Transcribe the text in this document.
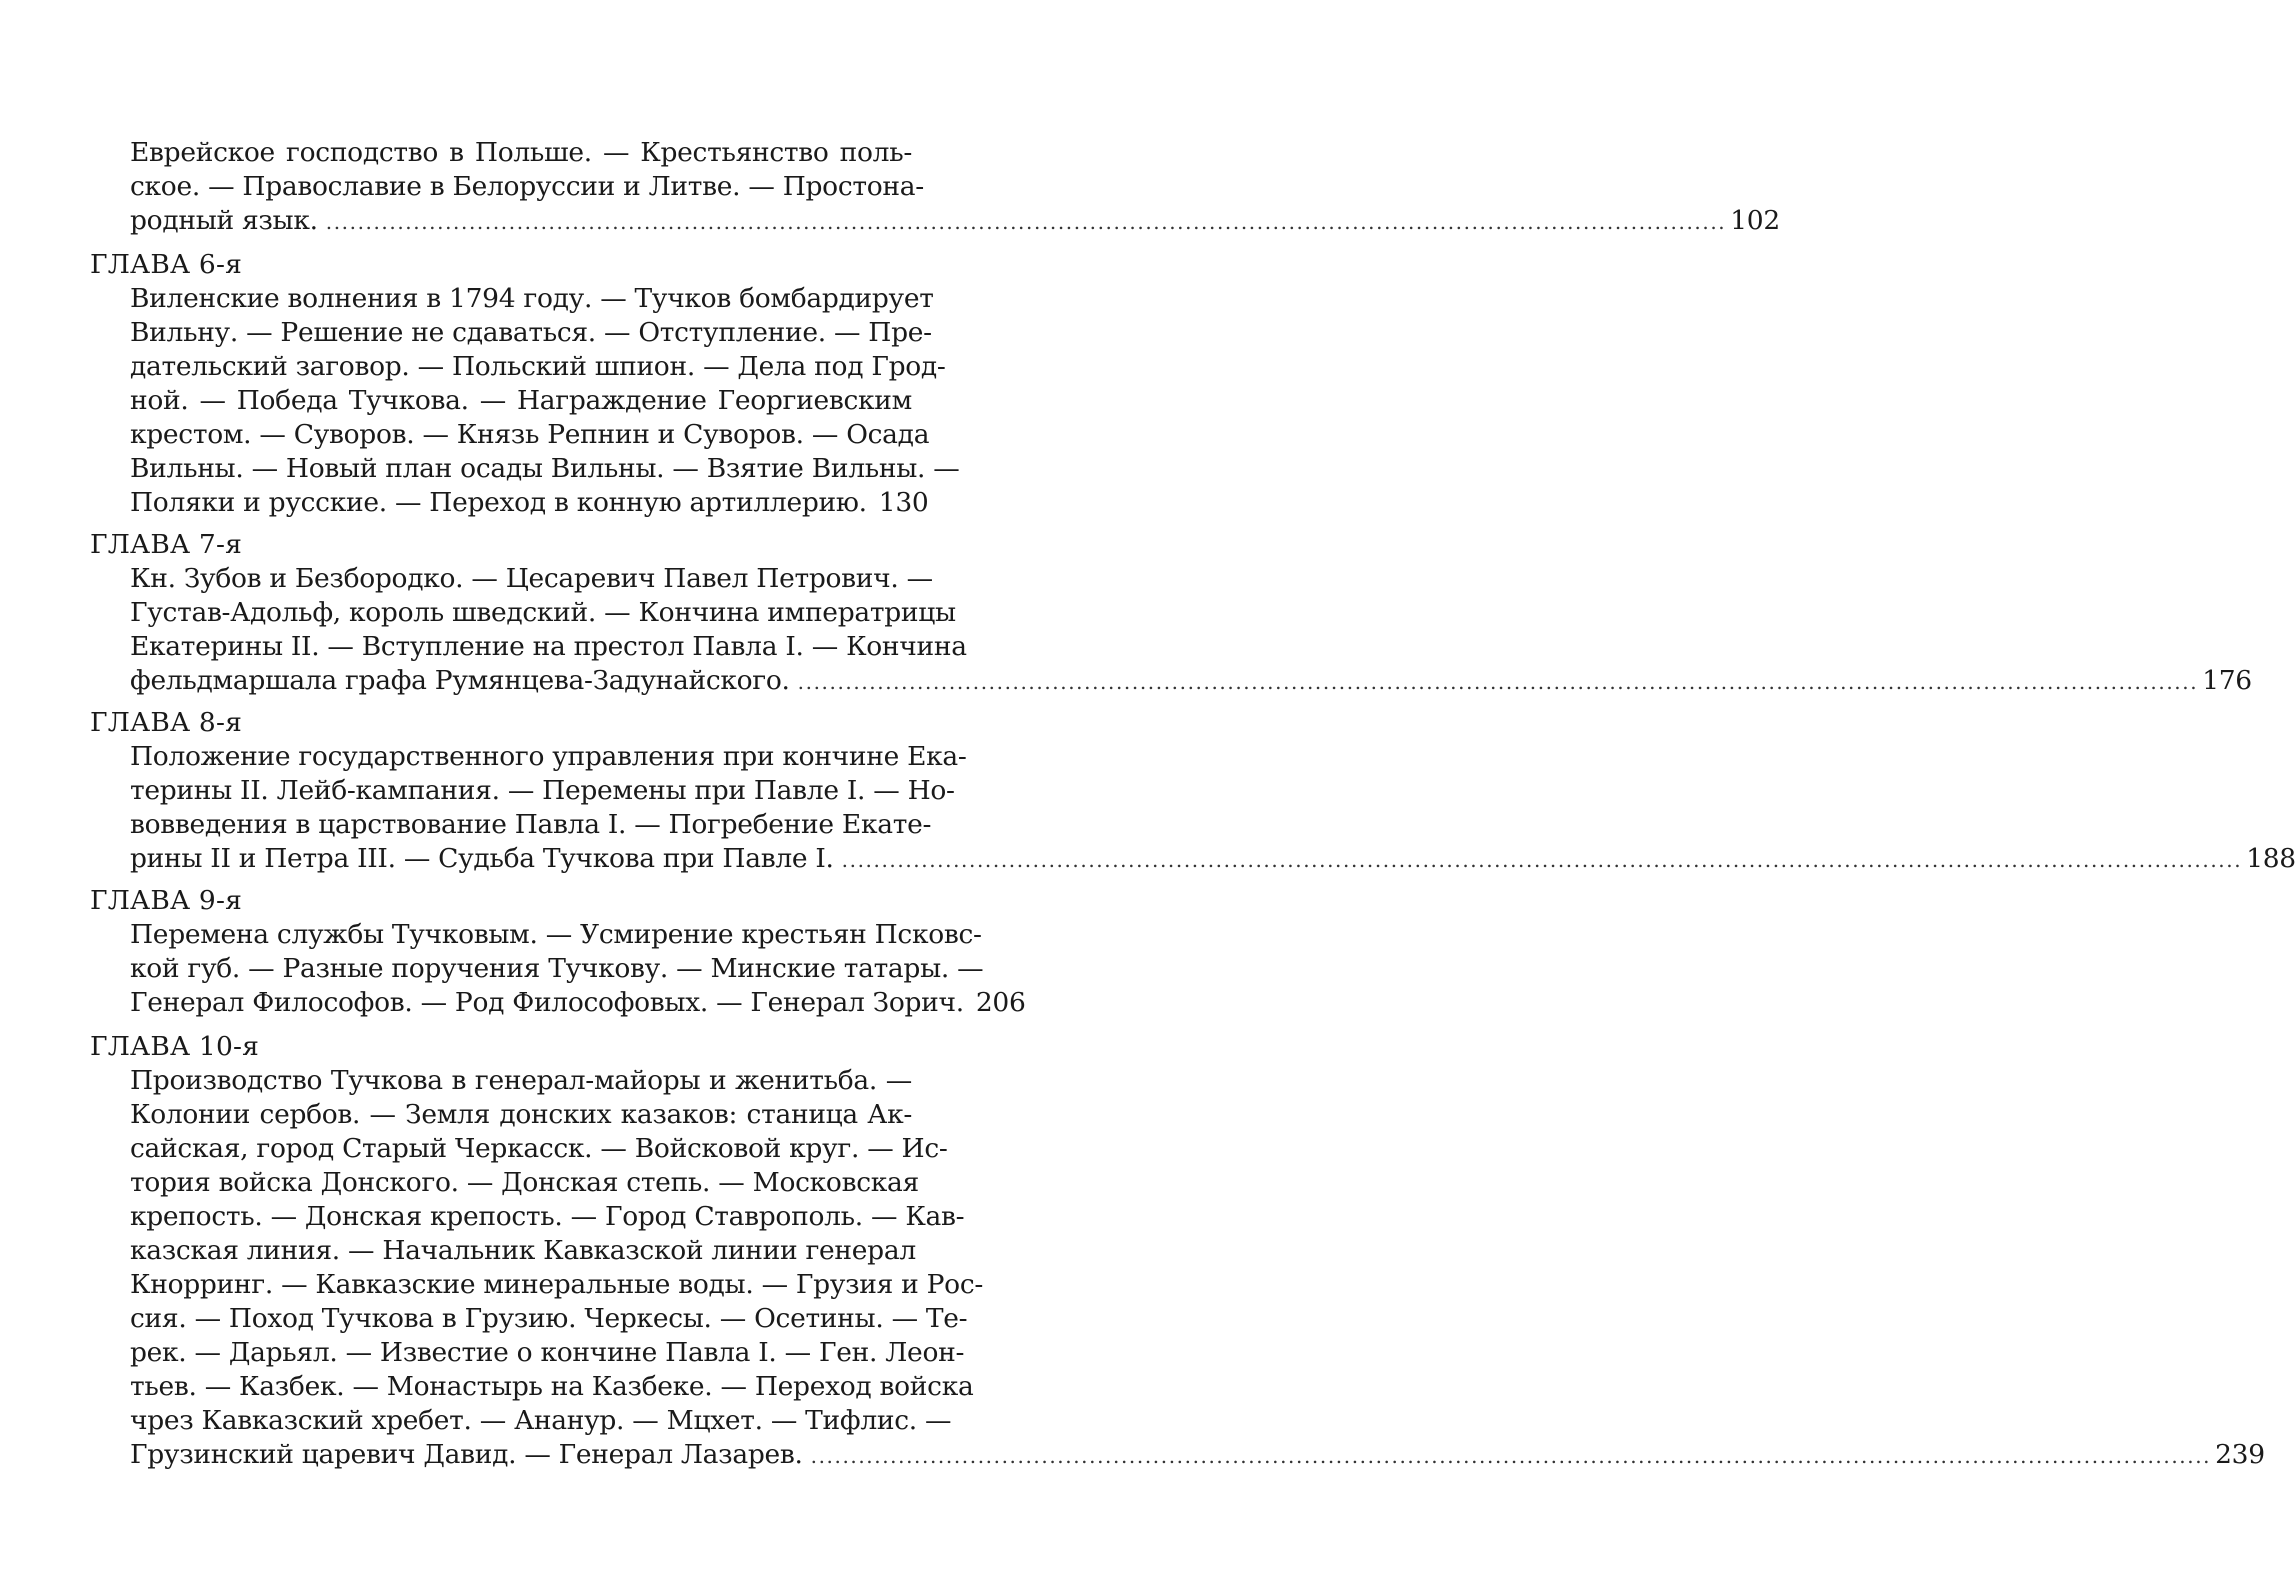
Еврейское господство в Польше. — Крестьянство поль-
ское. — Православие в Белоруссии и Литве. — Простона-
родный язык. .....	102
ГЛАВА 6-я
Виленские волнения в 1794 году. — Тучков бомбардирует
Вильну. — Решение не сдаваться. — Отступление. — Пре-
дательский заговор. — Польский шпион. — Дела под Грод-
ной. — Победа Тучкова. — Награждение Георгиевским
крестом. — Суворов. — Князь Репнин и Суворов. — Осада
Вильны. — Новый план осады Вильны. — Взятие Вильны. —
Поляки и русские. — Переход в конную артиллерию. 130
ГЛАВА 7-я
Кн. Зубов и Безбородко. — Цесаревич Павел Петрович. —
Густав-Адольф, король шведский. — Кончина императрицы
Екатерины II. — Вступление на престол Павла I. — Кончина
фельдмаршала графа Румянцева-Задунайского. .....	176
ГЛАВА 8-я
Положение государственного управления при кончине Ека-
терины II. Лейб-кампания. — Перемены при Павле I. — Но-
вовведения в царствование Павла I. — Погребение Екате-
рины II и Петра III. — Судьба Тучкова при Павле I. .....	188
ГЛАВА 9-я
Перемена службы Тучковым. — Усмирение крестьян Псковс-
кой губ. — Разные поручения Тучкову. — Минские татары. —
Генерал Философов. — Род Философовых. — Генерал Зорич. 206
ГЛАВА 10-я
Производство Тучкова в генерал-майоры и женитьба. —
Колонии сербов. — Земля донских казаков: станица Ак-
сайская, город Старый Черкасск. — Войсковой круг. — Ис-
тория войска Донского. — Донская степь. — Московская
крепость. — Донская крепость. — Город Ставрополь. — Кав-
казская линия. — Начальник Кавказской линии генерал
Кнорринг. — Кавказские минеральные воды. — Грузия и Рос-
сия. — Поход Тучкова в Грузию. Черкесы. — Осетины. — Те-
рек. — Дарьял. — Известие о кончине Павла I. — Ген. Леон-
тьев. — Казбек. — Монастырь на Казбеке. — Переход войска
чрез Кавказский хребет. — Ананур. — Мцхет. — Тифлис. —
Грузинский царевич Давид. — Генерал Лазарев. .....	239
